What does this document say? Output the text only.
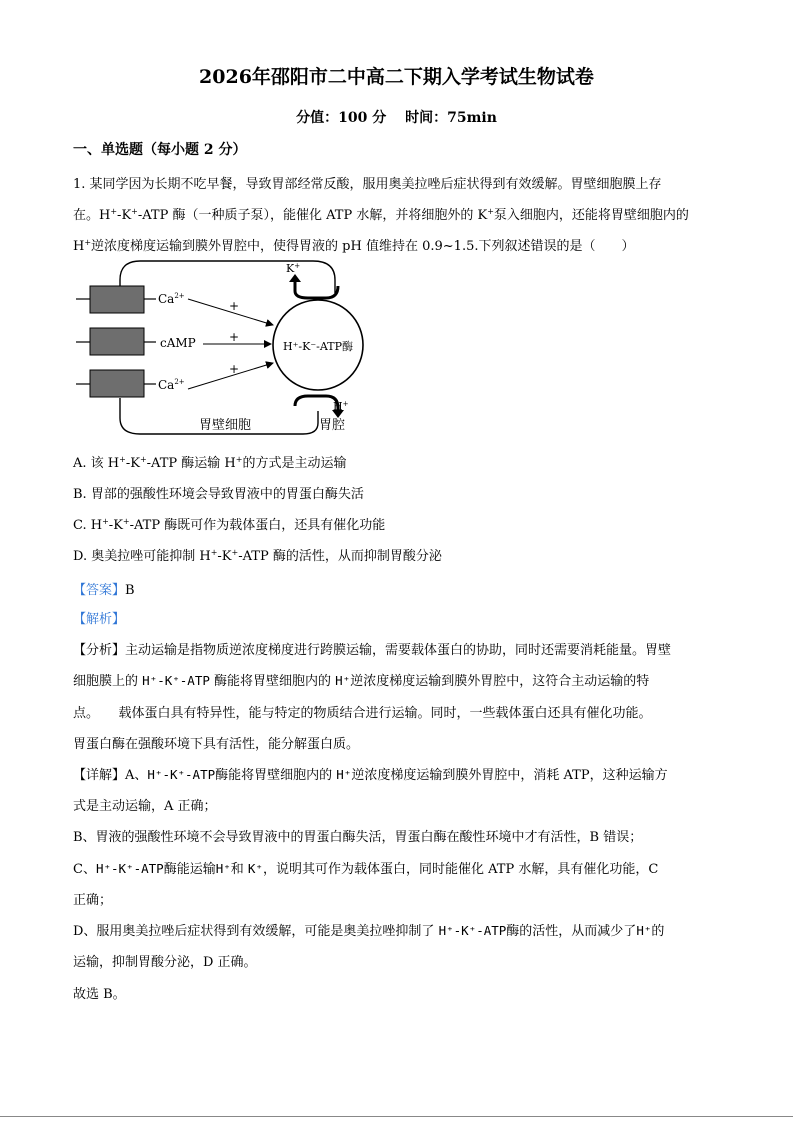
2026年邵阳市二中高二下期入学考试生物试卷
分值：100 分　 时间：75min
一、单选题（每小题 2 分）
1. 某同学因为长期不吃早餐，导致胃部经常反酸，服用奥美拉唑后症状得到有效缓解。胃壁细胞膜上存
在。H+-K+-ATP 酶（一种质子泵），能催化 ATP 水解，并将细胞外的 K+泵入细胞内，还能将胃壁细胞内的
H+逆浓度梯度运输到膜外胃腔中，使得胃液的 pH 值维持在 0.9~1.5.下列叙述错误的是（　　）
$Ca^{2+}$
cAMP
$Ca^{2+}$
+
+
+
H⁺-K⁻-ATP酶
K+
H+
胃壁细胞	胃腔
A. 该 H+-K+-ATP 酶运输 H+的方式是主动运输
B. 胃部的强酸性环境会导致胃液中的胃蛋白酶失活
C. H+-K+-ATP 酶既可作为载体蛋白，还具有催化功能
D. 奥美拉唑可能抑制 H+-K+-ATP 酶的活性，从而抑制胃酸分泌
【答案】B
【解析】
【分析】主动运输是指物质逆浓度梯度进行跨膜运输，需要载体蛋白的协助，同时还需要消耗能量。胃壁
细胞膜上的 H⁺-K⁺-ATP 酶能将胃壁细胞内的 H⁺逆浓度梯度运输到膜外胃腔中，这符合主动运输的特
点。　　载体蛋白具有特异性，能与特定的物质结合进行运输。同时，一些载体蛋白还具有催化功能。
胃蛋白酶在强酸环境下具有活性，能分解蛋白质。
【详解】A、H⁺-K⁺-ATP酶能将胃壁细胞内的 H⁺逆浓度梯度运输到膜外胃腔中，消耗 ATP，这种运输方
式是主动运输，A 正确；
B、胃液的强酸性环境不会导致胃液中的胃蛋白酶失活，胃蛋白酶在酸性环境中才有活性，B 错误；
C、H⁺-K⁺-ATP酶能运输H⁺和 K⁺，说明其可作为载体蛋白，同时能催化 ATP 水解，具有催化功能，C
正确；
D、服用奥美拉唑后症状得到有效缓解，可能是奥美拉唑抑制了 H⁺-K⁺-ATP酶的活性，从而减少了H⁺的
运输，抑制胃酸分泌，D 正确。
故选 B。
